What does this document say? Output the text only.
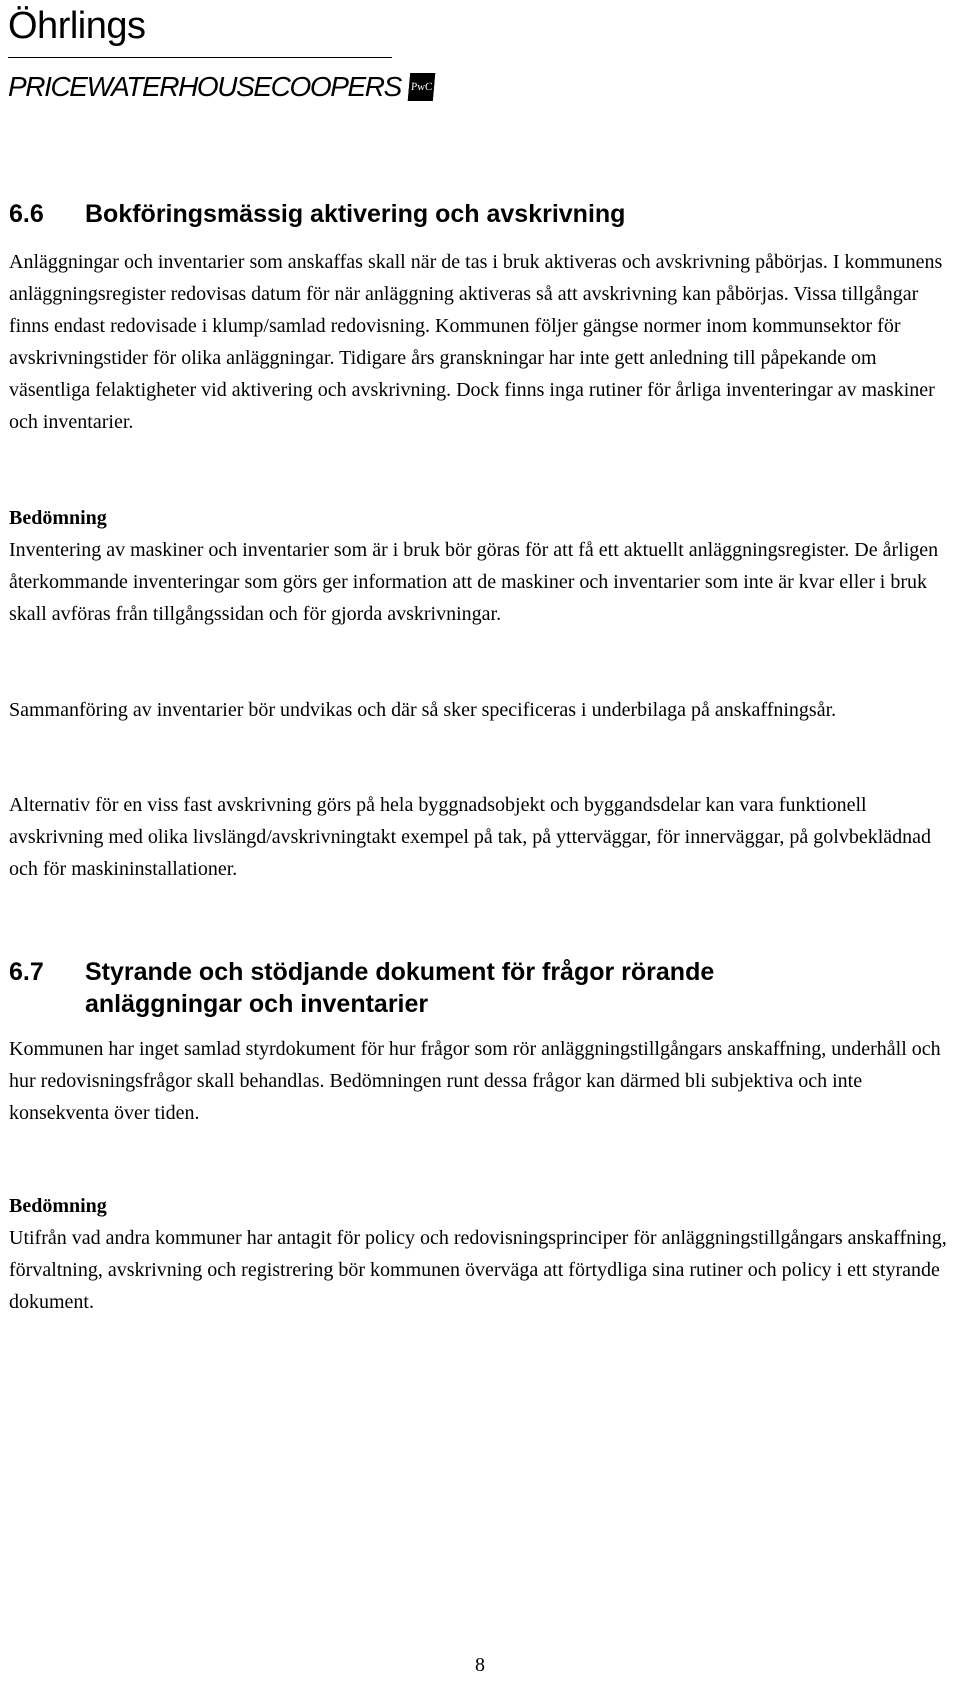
Öhrlings
PRICEWATERHOUSECOOPERS PwC
6.6 Bokföringsmässig aktivering och avskrivning

Anläggningar och inventarier som anskaffas skall när de tas i bruk aktiveras och avskrivning påbörjas. I kommunens anläggningsregister redovisas datum för när anläggning aktiveras så att avskrivning kan påbörjas. Vissa tillgångar finns endast redovisade i klump/samlad redovisning. Kommunen följer gängse normer inom kommunsektor för avskrivningstider för olika anläggningar. Tidigare års granskningar har inte gett anledning till påpekande om väsentliga felaktigheter vid aktivering och avskrivning. Dock finns inga rutiner för årliga inventeringar av maskiner och inventarier.

Bedömning

Inventering av maskiner och inventarier som är i bruk bör göras för att få ett aktuellt anläggningsregister. De årligen återkommande inventeringar som görs ger information att de maskiner och inventarier som inte är kvar eller i bruk skall avföras från tillgångssidan och för gjorda avskrivningar.

Sammanföring av inventarier bör undvikas och där så sker specificeras i underbilaga på anskaffningsår.

Alternativ för en viss fast avskrivning görs på hela byggnadsobjekt och byggandsdelar kan vara funktionell avskrivning med olika livslängd/avskrivningtakt exempel på tak, på ytterväggar, för innerväggar, på golvbeklädnad och för maskininstallationer.

6.7 Styrande och stödjande dokument för frågor rörande
anläggningar och inventarier

Kommunen har inget samlad styrdokument för hur frågor som rör anläggningstillgångars anskaffning, underhåll och hur redovisningsfrågor skall behandlas. Bedömningen runt dessa frågor kan därmed bli subjektiva och inte konsekventa över tiden.

Bedömning

Utifrån vad andra kommuner har antagit för policy och redovisningsprinciper för anläggningstillgångars anskaffning, förvaltning, avskrivning och registrering bör kommunen överväga att förtydliga sina rutiner och policy i ett styrande dokument.

8
